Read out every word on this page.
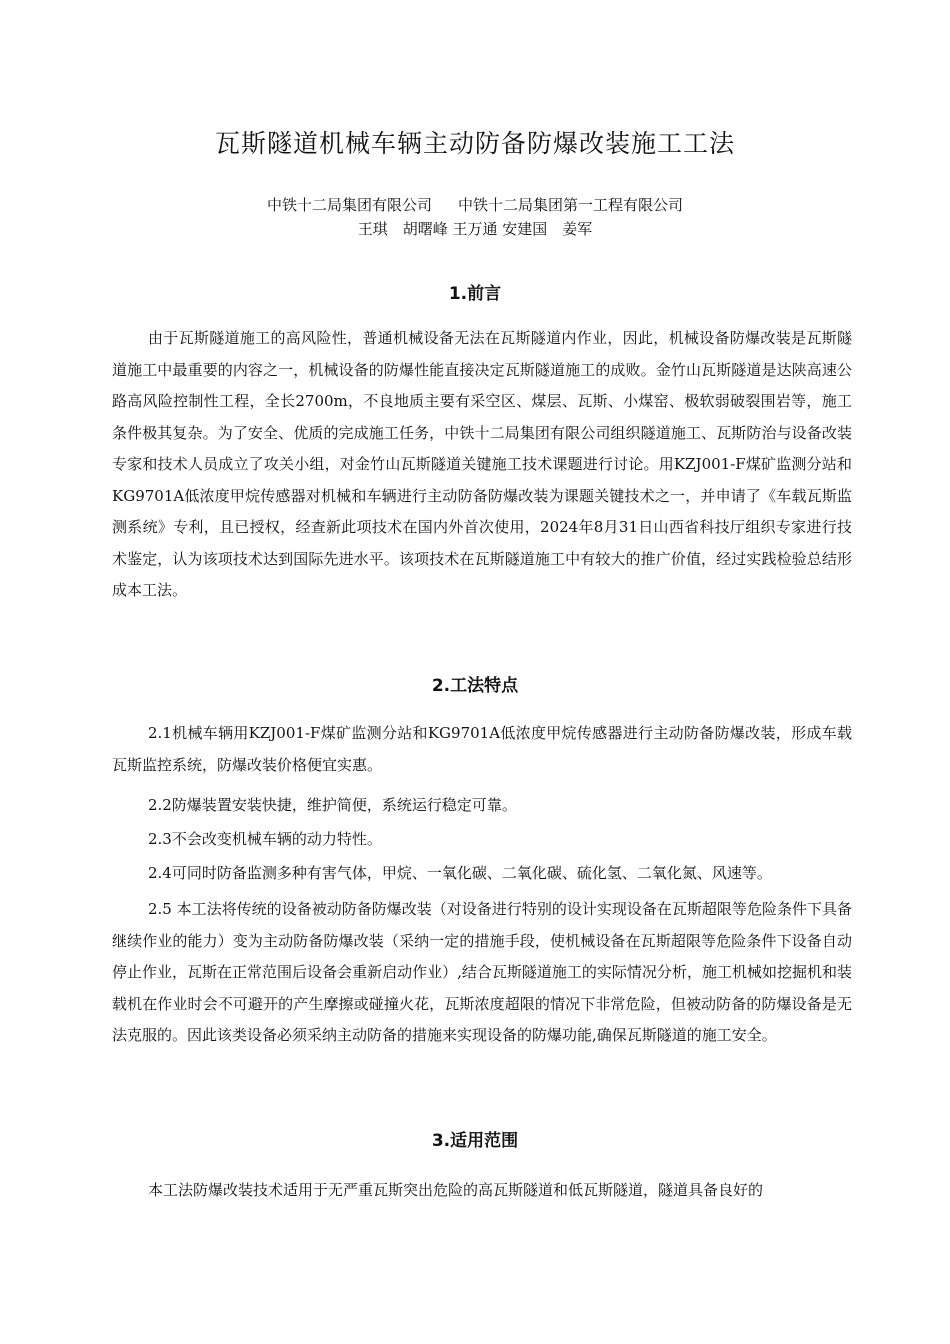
瓦斯隧道机械车辆主动防备防爆改装施工工法
中铁十二局集团有限公司 中铁十二局集团第一工程有限公司
王琪　胡曙峰 王万通 安建国　姜军
1.前言

由于瓦斯隧道施工的高风险性，普通机械设备无法在瓦斯隧道内作业，因此，机械设备防爆改装是瓦斯隧道施工中最重要的内容之一，机械设备的防爆性能直接决定瓦斯隧道施工的成败。金竹山瓦斯隧道是达陕高速公路高风险控制性工程，全长2700m，不良地质主要有采空区、煤层、瓦斯、小煤窑、极软弱破裂围岩等，施工条件极其复杂。为了安全、优质的完成施工任务，中铁十二局集团有限公司组织隧道施工、瓦斯防治与设备改装专家和技术人员成立了攻关小组，对金竹山瓦斯隧道关键施工技术课题进行讨论。用KZJ001-F煤矿监测分站和KG9701A低浓度甲烷传感器对机械和车辆进行主动防备防爆改装为课题关键技术之一，并申请了《车载瓦斯监测系统》专利，且已授权，经查新此项技术在国内外首次使用，2024年8月31日山西省科技厅组织专家进行技术鉴定，认为该项技术达到国际先进水平。该项技术在瓦斯隧道施工中有较大的推广价值，经过实践检验总结形成本工法。

2.工法特点

2.1机械车辆用KZJ001-F煤矿监测分站和KG9701A低浓度甲烷传感器进行主动防备防爆改装，形成车载瓦斯监控系统，防爆改装价格便宜实惠。

2.2防爆装置安装快捷，维护简便，系统运行稳定可靠。

2.3不会改变机械车辆的动力特性。

2.4可同时防备监测多种有害气体，甲烷、一氧化碳、二氧化碳、硫化氢、二氧化氮、风速等。

2.5 本工法将传统的设备被动防备防爆改装（对设备进行特别的设计实现设备在瓦斯超限等危险条件下具备继续作业的能力）变为主动防备防爆改装（采纳一定的措施手段，使机械设备在瓦斯超限等危险条件下设备自动停止作业，瓦斯在正常范围后设备会重新启动作业）,结合瓦斯隧道施工的实际情况分析，施工机械如挖掘机和装载机在作业时会不可避开的产生摩擦或碰撞火花，瓦斯浓度超限的情况下非常危险，但被动防备的防爆设备是无法克服的。因此该类设备必须采纳主动防备的措施来实现设备的防爆功能,确保瓦斯隧道的施工安全。

3.适用范围

本工法防爆改装技术适用于无严重瓦斯突出危险的高瓦斯隧道和低瓦斯隧道，隧道具备良好的
